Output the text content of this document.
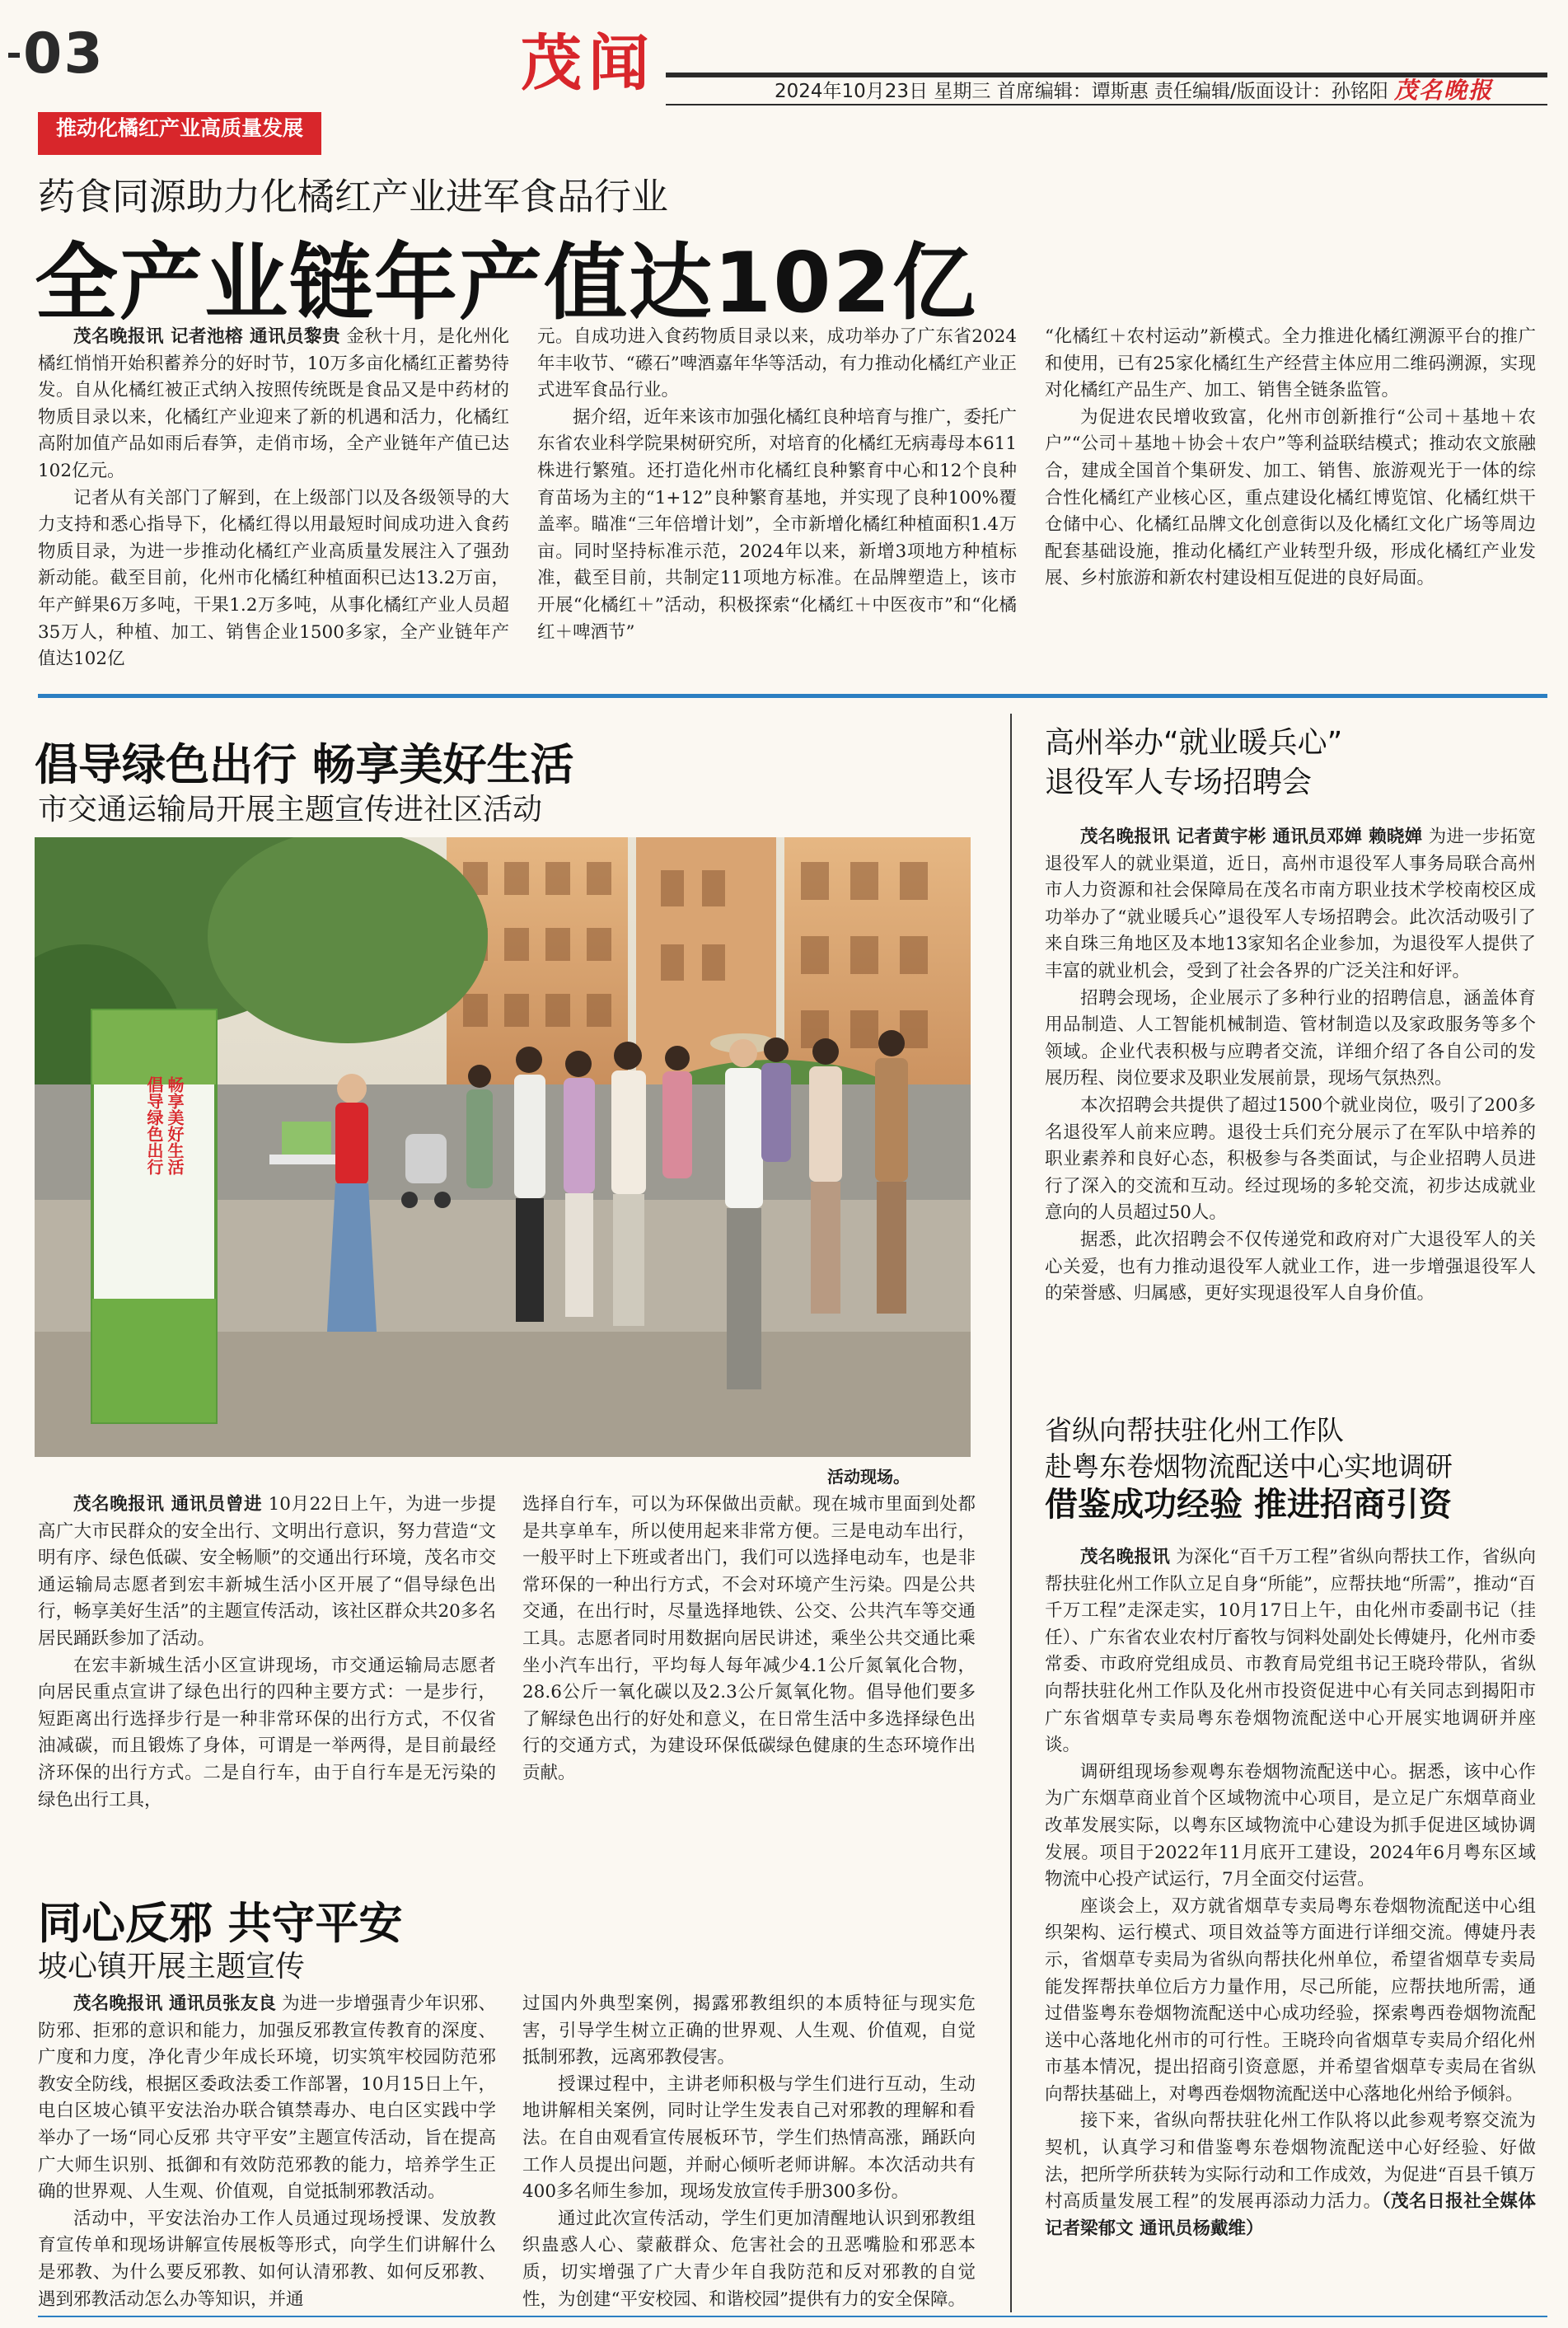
03	茂闻	2024年10月23日 星期三 首席编辑：谭斯惠 责任编辑/版面设计：孙铭阳 茂名晚报
推动化橘红产业高质量发展
药食同源助力化橘红产业进军食品行业
全产业链年产值达102亿

茂名晚报讯 记者池榕 通讯员黎贵 金秋十月，是化州化橘红悄悄开始积蓄养分的好时节，10万多亩化橘红正蓄势待发。自从化橘红被正式纳入按照传统既是食品又是中药材的物质目录以来，化橘红产业迎来了新的机遇和活力，化橘红高附加值产品如雨后春笋，走俏市场，全产业链年产值已达102亿元。

记者从有关部门了解到，在上级部门以及各级领导的大力支持和悉心指导下，化橘红得以用最短时间成功进入食药物质目录，为进一步推动化橘红产业高质量发展注入了强劲新动能。截至目前，化州市化橘红种植面积已达13.2万亩，年产鲜果6万多吨，干果1.2万多吨，从事化橘红产业人员超35万人，种植、加工、销售企业1500多家，全产业链年产值达102亿

元。自成功进入食药物质目录以来，成功举办了广东省2024年丰收节、“礤石”啤酒嘉年华等活动，有力推动化橘红产业正式进军食品行业。

据介绍，近年来该市加强化橘红良种培育与推广，委托广东省农业科学院果树研究所，对培育的化橘红无病毒母本611株进行繁殖。还打造化州市化橘红良种繁育中心和12个良种育苗场为主的“1+12”良种繁育基地，并实现了良种100%覆盖率。瞄准“三年倍增计划”，全市新增化橘红种植面积1.4万亩。同时坚持标准示范，2024年以来，新增3项地方种植标准，截至目前，共制定11项地方标准。在品牌塑造上，该市开展“化橘红＋”活动，积极探索“化橘红＋中医夜市”和“化橘红＋啤酒节”

“化橘红＋农村运动”新模式。全力推进化橘红溯源平台的推广和使用，已有25家化橘红生产经营主体应用二维码溯源，实现对化橘红产品生产、加工、销售全链条监管。

为促进农民增收致富，化州市创新推行“公司＋基地＋农户”“公司＋基地＋协会＋农户”等利益联结模式；推动农文旅融合，建成全国首个集研发、加工、销售、旅游观光于一体的综合性化橘红产业核心区，重点建设化橘红博览馆、化橘红烘干仓储中心、化橘红品牌文化创意街以及化橘红文化广场等周边配套基础设施，推动化橘红产业转型升级，形成化橘红产业发展、乡村旅游和新农村建设相互促进的良好局面。

倡导绿色出行 畅享美好生活
市交通运输局开展主题宣传进社区活动
倡导绿色出行 畅享美好生活
活动现场。

茂名晚报讯 通讯员曾进 10月22日上午，为进一步提高广大市民群众的安全出行、文明出行意识，努力营造“文明有序、绿色低碳、安全畅顺”的交通出行环境，茂名市交通运输局志愿者到宏丰新城生活小区开展了“倡导绿色出行，畅享美好生活”的主题宣传活动，该社区群众共20多名居民踊跃参加了活动。

在宏丰新城生活小区宣讲现场，市交通运输局志愿者向居民重点宣讲了绿色出行的四种主要方式：一是步行，短距离出行选择步行是一种非常环保的出行方式，不仅省油减碳，而且锻炼了身体，可谓是一举两得，是目前最经济环保的出行方式。二是自行车，由于自行车是无污染的绿色出行工具，

选择自行车，可以为环保做出贡献。现在城市里面到处都是共享单车，所以使用起来非常方便。三是电动车出行，一般平时上下班或者出门，我们可以选择电动车，也是非常环保的一种出行方式，不会对环境产生污染。四是公共交通，在出行时，尽量选择地铁、公交、公共汽车等交通工具。志愿者同时用数据向居民讲述，乘坐公共交通比乘坐小汽车出行，平均每人每年减少4.1公斤氮氧化合物，28.6公斤一氧化碳以及2.3公斤氮氧化物。倡导他们要多了解绿色出行的好处和意义，在日常生活中多选择绿色出行的交通方式，为建设环保低碳绿色健康的生态环境作出贡献。

同心反邪 共守平安
坡心镇开展主题宣传

茂名晚报讯 通讯员张友良 为进一步增强青少年识邪、防邪、拒邪的意识和能力，加强反邪教宣传教育的深度、广度和力度，净化青少年成长环境，切实筑牢校园防范邪教安全防线，根据区委政法委工作部署，10月15日上午，电白区坡心镇平安法治办联合镇禁毒办、电白区实践中学举办了一场“同心反邪 共守平安”主题宣传活动，旨在提高广大师生识别、抵御和有效防范邪教的能力，培养学生正确的世界观、人生观、价值观，自觉抵制邪教活动。

活动中，平安法治办工作人员通过现场授课、发放教育宣传单和现场讲解宣传展板等形式，向学生们讲解什么是邪教、为什么要反邪教、如何认清邪教、如何反邪教、遇到邪教活动怎么办等知识，并通

过国内外典型案例，揭露邪教组织的本质特征与现实危害，引导学生树立正确的世界观、人生观、价值观，自觉抵制邪教，远离邪教侵害。

授课过程中，主讲老师积极与学生们进行互动，生动地讲解相关案例，同时让学生发表自己对邪教的理解和看法。在自由观看宣传展板环节，学生们热情高涨，踊跃向工作人员提出问题，并耐心倾听老师讲解。本次活动共有400多名师生参加，现场发放宣传手册300多份。

通过此次宣传活动，学生们更加清醒地认识到邪教组织蛊惑人心、蒙蔽群众、危害社会的丑恶嘴脸和邪恶本质，切实增强了广大青少年自我防范和反对邪教的自觉性，为创建“平安校园、和谐校园”提供有力的安全保障。

高州举办“就业暖兵心”
退役军人专场招聘会

茂名晚报讯 记者黄宇彬 通讯员邓婵 赖晓婵 为进一步拓宽退役军人的就业渠道，近日，高州市退役军人事务局联合高州市人力资源和社会保障局在茂名市南方职业技术学校南校区成功举办了“就业暖兵心”退役军人专场招聘会。此次活动吸引了来自珠三角地区及本地13家知名企业参加，为退役军人提供了丰富的就业机会，受到了社会各界的广泛关注和好评。

招聘会现场，企业展示了多种行业的招聘信息，涵盖体育用品制造、人工智能机械制造、管材制造以及家政服务等多个领域。企业代表积极与应聘者交流，详细介绍了各自公司的发展历程、岗位要求及职业发展前景，现场气氛热烈。

本次招聘会共提供了超过1500个就业岗位，吸引了200多名退役军人前来应聘。退役士兵们充分展示了在军队中培养的职业素养和良好心态，积极参与各类面试，与企业招聘人员进行了深入的交流和互动。经过现场的多轮交流，初步达成就业意向的人员超过50人。

据悉，此次招聘会不仅传递党和政府对广大退役军人的关心关爱，也有力推动退役军人就业工作，进一步增强退役军人的荣誉感、归属感，更好实现退役军人自身价值。

省纵向帮扶驻化州工作队
赴粤东卷烟物流配送中心实地调研
借鉴成功经验 推进招商引资

茂名晚报讯 为深化“百千万工程”省纵向帮扶工作，省纵向帮扶驻化州工作队立足自身“所能”，应帮扶地“所需”，推动“百千万工程”走深走实，10月17日上午，由化州市委副书记（挂任）、广东省农业农村厅畜牧与饲料处副处长傅婕丹，化州市委常委、市政府党组成员、市教育局党组书记王晓玲带队，省纵向帮扶驻化州工作队及化州市投资促进中心有关同志到揭阳市广东省烟草专卖局粤东卷烟物流配送中心开展实地调研并座谈。

调研组现场参观粤东卷烟物流配送中心。据悉，该中心作为广东烟草商业首个区域物流中心项目，是立足广东烟草商业改革发展实际，以粤东区域物流中心建设为抓手促进区域协调发展。项目于2022年11月底开工建设，2024年6月粤东区域物流中心投产试运行，7月全面交付运营。

座谈会上，双方就省烟草专卖局粤东卷烟物流配送中心组织架构、运行模式、项目效益等方面进行详细交流。傅婕丹表示，省烟草专卖局为省纵向帮扶化州单位，希望省烟草专卖局能发挥帮扶单位后方力量作用，尽己所能，应帮扶地所需，通过借鉴粤东卷烟物流配送中心成功经验，探索粤西卷烟物流配送中心落地化州市的可行性。王晓玲向省烟草专卖局介绍化州市基本情况，提出招商引资意愿，并希望省烟草专卖局在省纵向帮扶基础上，对粤西卷烟物流配送中心落地化州给予倾斜。

接下来，省纵向帮扶驻化州工作队将以此参观考察交流为契机，认真学习和借鉴粤东卷烟物流配送中心好经验、好做法，把所学所获转为实际行动和工作成效，为促进“百县千镇万村高质量发展工程”的发展再添动力活力。（茂名日报社全媒体记者梁郁文 通讯员杨戴维）
